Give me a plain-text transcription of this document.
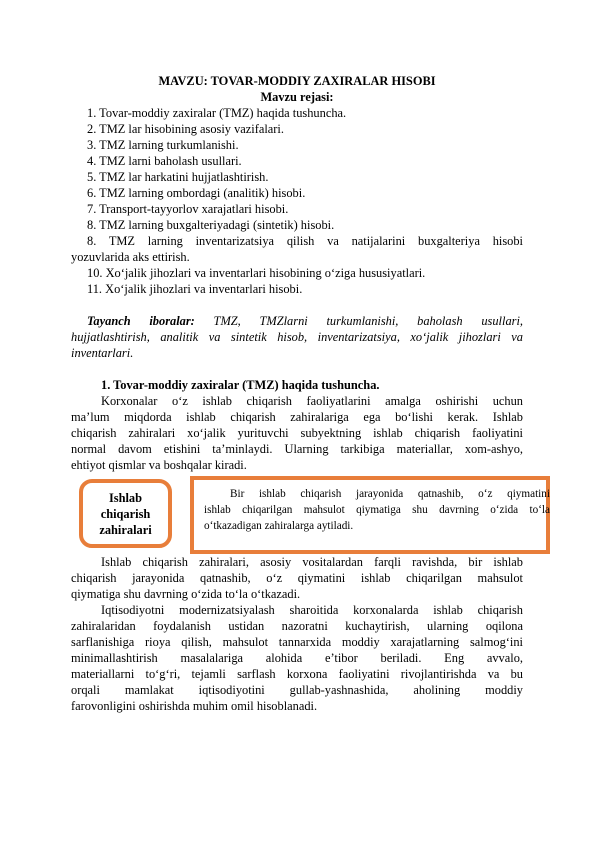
MAVZU: TOVAR-MODDIY ZAXIRALAR HISOBI
Mavzu rejasi:
1. Tovar-moddiy zaxiralar (TMZ) haqida tushuncha.
2. TMZ lar hisobining asosiy vazifalari.
3. TMZ larning turkumlanishi.
4. TMZ larni baholash usullari.
5. TMZ lar harkatini hujjatlashtirish.
6. TMZ larning ombordagi (analitik) hisobi.
7. Transport-tayyorlov xarajatlari hisobi.
8. TMZ larning buxgalteriyadagi (sintetik) hisobi.
8. TMZ larning inventarizatsiya qilish va natijalarini buxgalteriya hisobi
yozuvlarida aks ettirish.
10. Xo‘jalik jihozlari va inventarlari hisobining o‘ziga hususiyatlari.
11. Xo‘jalik jihozlari va inventarlari hisobi.
Tayanch iboralar: TMZ, TMZlarni turkumlanishi, baholash usullari,
hujjatlashtirish, analitik va sintetik hisob, inventarizatsiya, xo‘jalik jihozlari va
inventarlari.
1. Tovar-moddiy zaxiralar (TMZ) haqida tushuncha.
Korxonalar o‘z ishlab chiqarish faoliyatlarini amalga oshirishi uchun
ma’lum miqdorda ishlab chiqarish zahiralariga ega bo‘lishi kerak. Ishlab
chiqarish zahiralari xo‘jalik yurituvchi subyektning ishlab chiqarish faoliyatini
normal davom etishini ta’minlaydi. Ularning tarkibiga materiallar, xom-ashyo,
ehtiyot qismlar va boshqalar kiradi.
Ishlab
chiqarish
zahiralari
Bir ishlab chiqarish jarayonida qatnashib, o‘z qiymatini
ishlab chiqarilgan mahsulot qiymatiga shu davrning o‘zida to‘la
o‘tkazadigan zahiralarga aytiladi.
Ishlab chiqarish zahiralari, asosiy vositalardan farqli ravishda, bir ishlab
chiqarish jarayonida qatnashib, o‘z qiymatini ishlab chiqarilgan mahsulot
qiymatiga shu davrning o‘zida to‘la o‘tkazadi.
Iqtisodiyotni modernizatsiyalash sharoitida korxonalarda ishlab chiqarish
zahiralaridan foydalanish ustidan nazoratni kuchaytirish, ularning oqilona
sarflanishiga rioya qilish, mahsulot tannarxida moddiy xarajatlarning salmog‘ini
minimallashtirish masalalariga alohida e’tibor beriladi. Eng avvalo,
materiallarni to‘g‘ri, tejamli sarflash korxona faoliyatini rivojlantirishda va bu
orqali mamlakat iqtisodiyotini gullab-yashnashida, aholining moddiy
farovonligini oshirishda muhim omil hisoblanadi.
